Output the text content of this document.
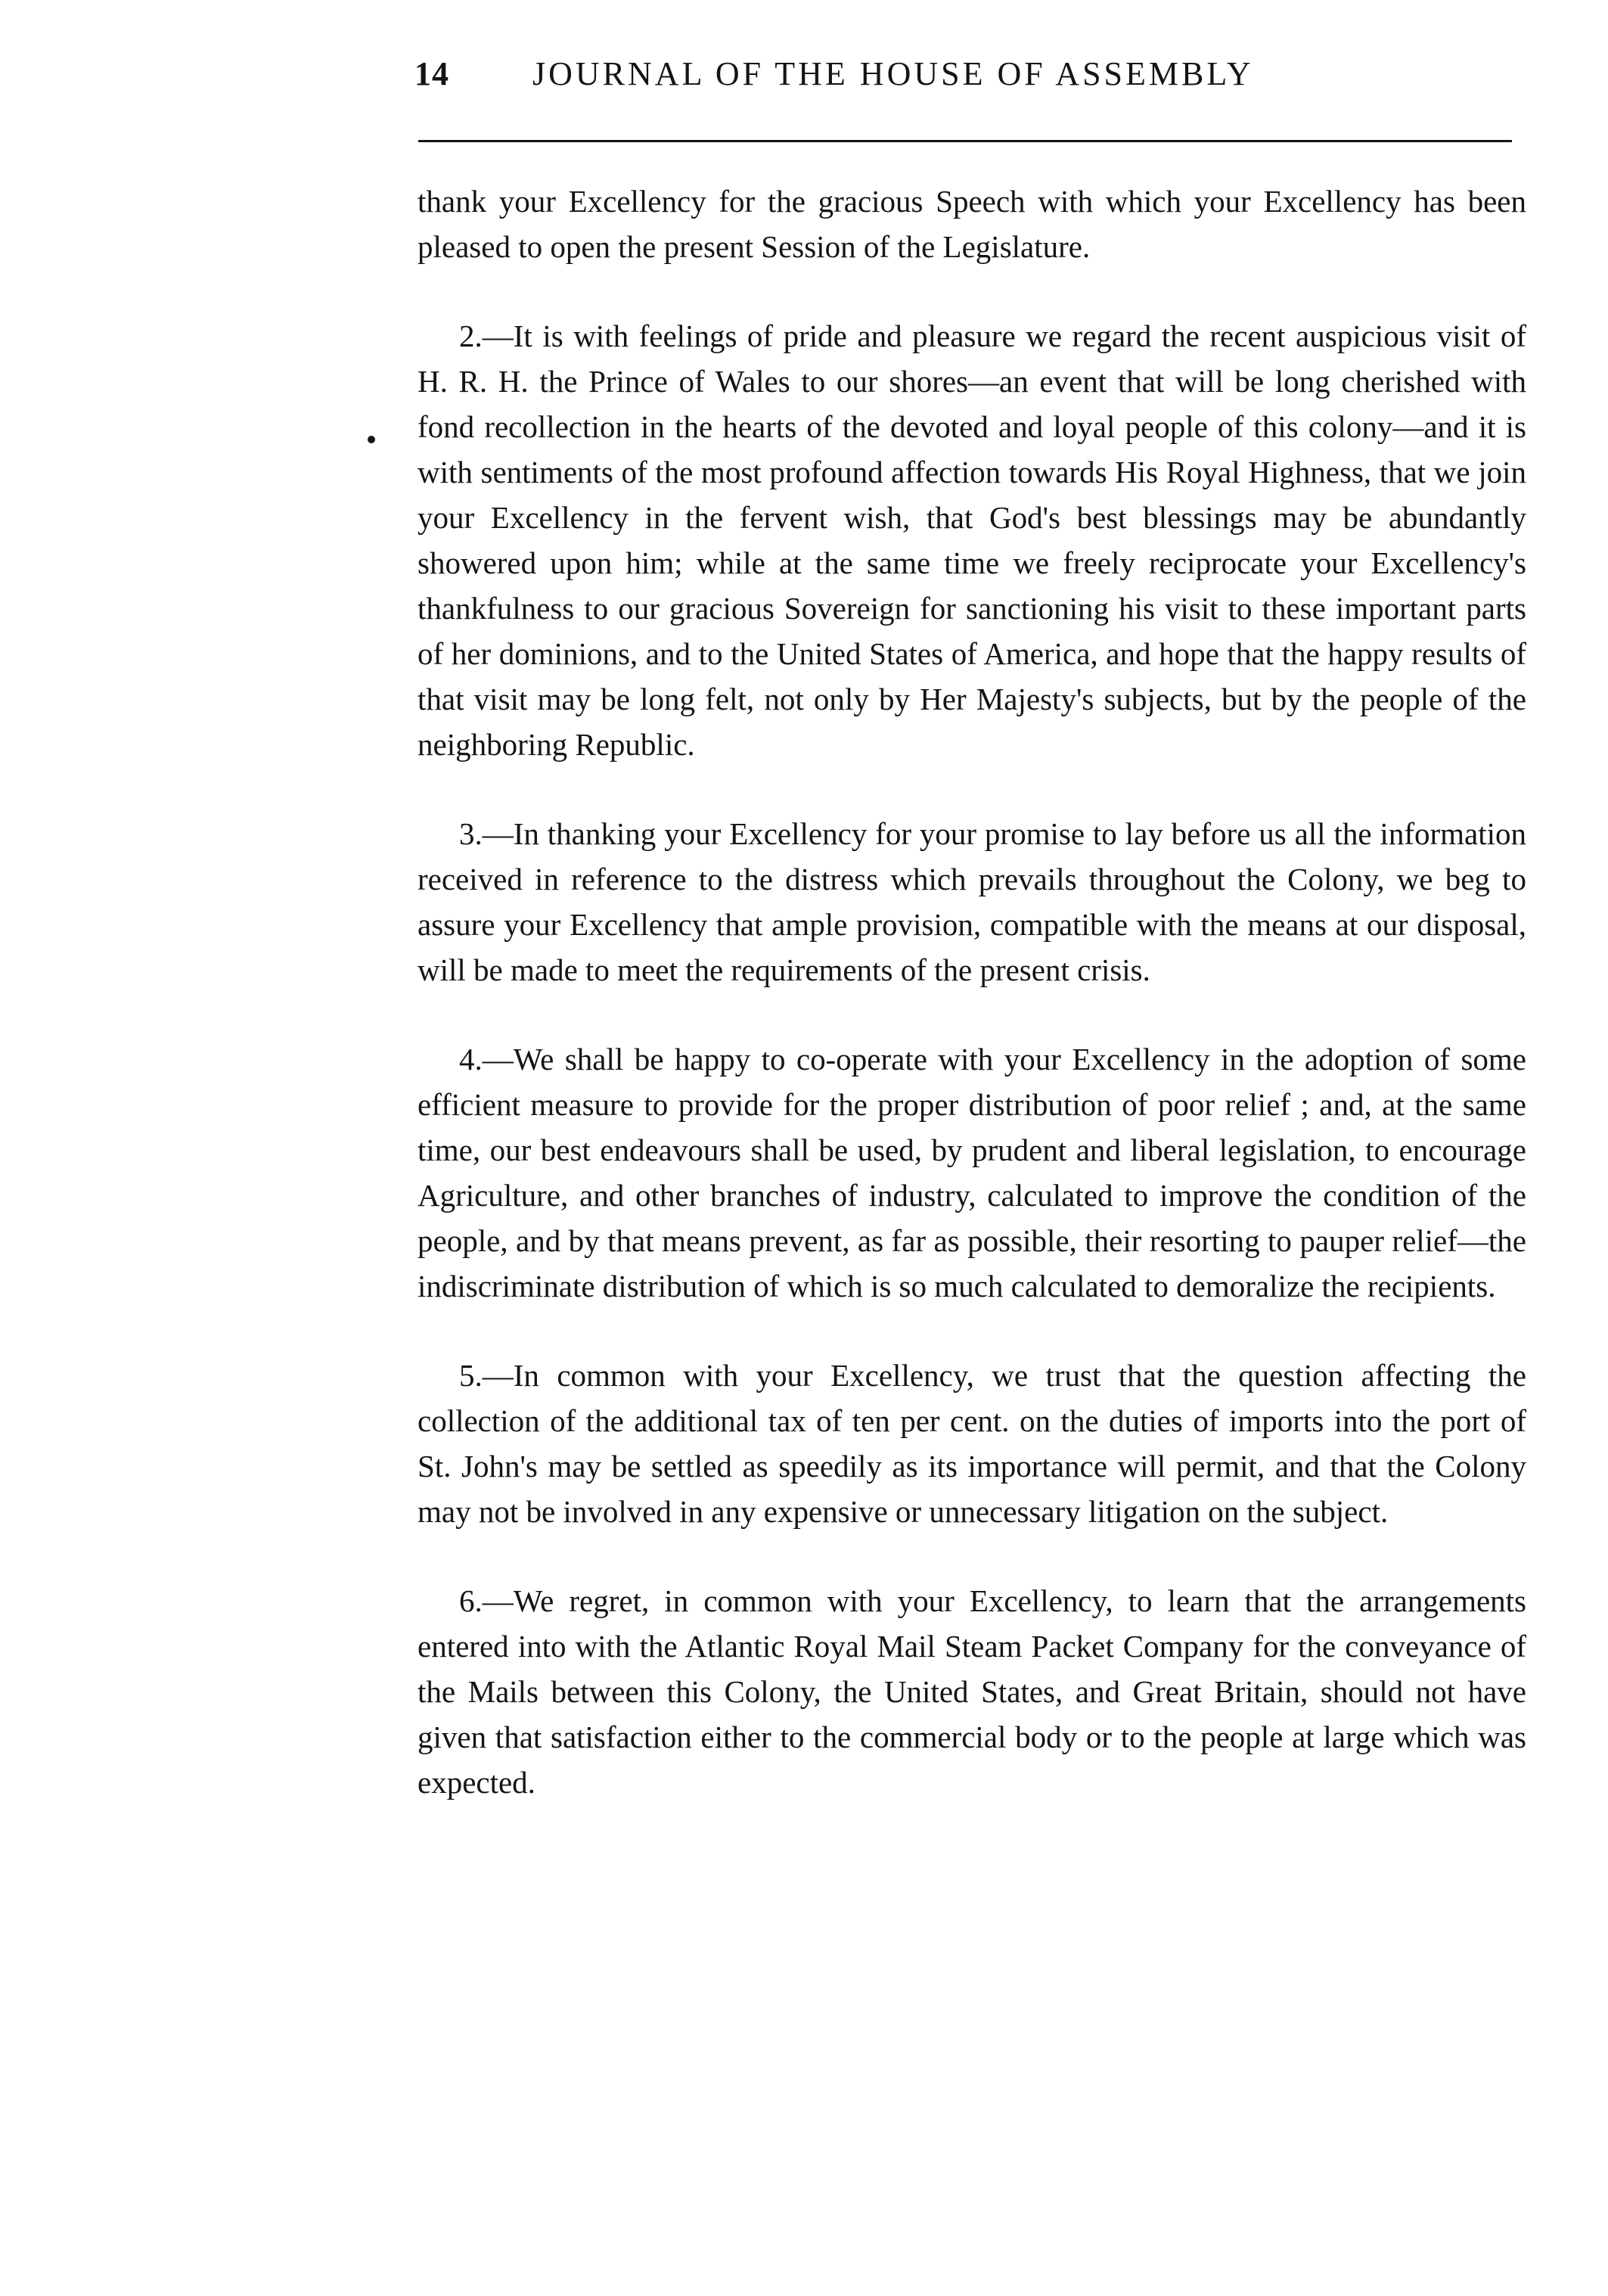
14	JOURNAL OF THE HOUSE OF ASSEMBLY

thank your Excellency for the gracious Speech with which your Excellency has been pleased to open the present Session of the Legislature.

2.—It is with feelings of pride and pleasure we regard the recent auspicious visit of H. R. H. the Prince of Wales to our shores—an event that will be long cherished with fond recollection in the hearts of the devoted and loyal people of this colony—and it is with sentiments of the most profound affection towards His Royal Highness, that we join your Excellency in the fervent wish, that God's best blessings may be abundantly showered upon him; while at the same time we freely reciprocate your Excellency's thankfulness to our gracious Sovereign for sanctioning his visit to these important parts of her dominions, and to the United States of America, and hope that the happy results of that visit may be long felt, not only by Her Majesty's subjects, but by the people of the neighboring Republic.

3.—In thanking your Excellency for your promise to lay before us all the information received in reference to the distress which prevails throughout the Colony, we beg to assure your Excellency that ample provision, compatible with the means at our disposal, will be made to meet the requirements of the present crisis.

4.—We shall be happy to co-operate with your Excellency in the adoption of some efficient measure to provide for the proper distribution of poor relief ; and, at the same time, our best endeavours shall be used, by prudent and liberal legislation, to encourage Agriculture, and other branches of industry, calculated to improve the condition of the people, and by that means prevent, as far as possible, their resorting to pauper relief—the indiscriminate distribution of which is so much calculated to demoralize the recipients.

5.—In common with your Excellency, we trust that the question affecting the collection of the additional tax of ten per cent. on the duties of imports into the port of St. John's may be settled as speedily as its importance will permit, and that the Colony may not be involved in any expensive or unnecessary litigation on the subject.

6.—We regret, in common with your Excellency, to learn that the arrangements entered into with the Atlantic Royal Mail Steam Packet Company for the conveyance of the Mails between this Colony, the United States, and Great Britain, should not have given that satisfaction either to the commercial body or to the people at large which was expected.
